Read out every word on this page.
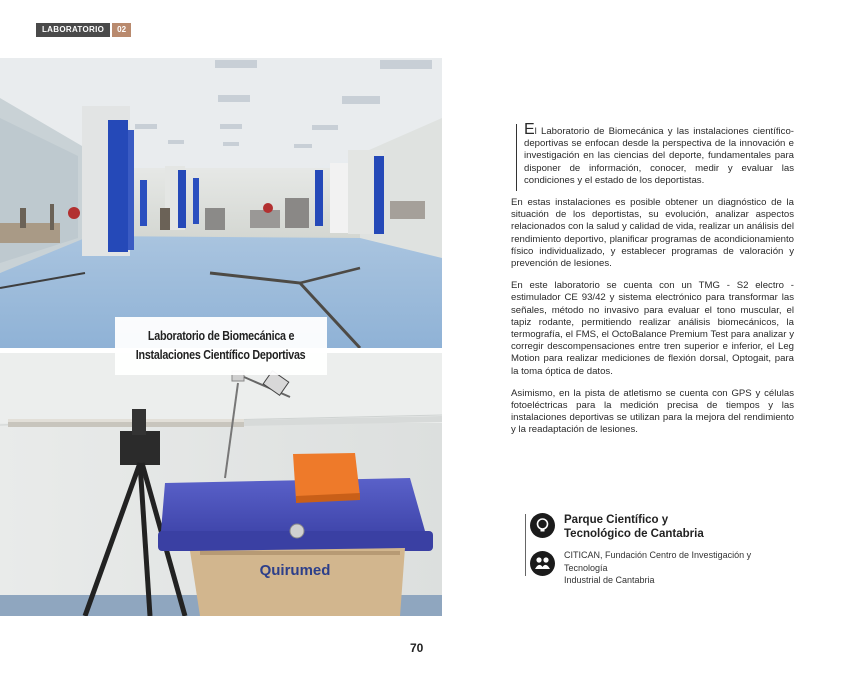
LABORATORIO	02
Quirumed
Laboratorio de Biomecánica e
Instalaciones Científico Deportivas

El Laboratorio de Biomecánica y las instalaciones científico-deportivas se enfocan desde la perspectiva de la innovación e investigación en las ciencias del deporte, fundamentales para disponer de información, conocer, medir y evaluar las condiciones y el estado de los deportistas.

En estas instalaciones es posible obtener un diagnóstico de la situación de los deportistas, su evolución, analizar aspectos relacionados con la salud y calidad de vida, realizar un análisis del rendimiento deportivo, planificar programas de acondicionamiento físico individualizado, y establecer programas de valoración y prevención de lesiones.

En este laboratorio se cuenta con un TMG - S2 electro - estimulador CE 93/42 y sistema electrónico para transformar las señales, método no invasivo para evaluar el tono muscular, el tapiz rodante, permitiendo realizar análisis biomecánicos, la termografía, el FMS, el OctoBalance Premium Test para analizar y corregir descompensaciones entre tren superior e inferior, el Leg Motion para realizar mediciones de flexión dorsal, Optogait, para la toma óptica de datos.

Asimismo, en la pista de atletismo se cuenta con GPS y células fotoeléctricas para la medición precisa de tiempos y las instalaciones deportivas se utilizan para la mejora del rendimiento y la readaptación de lesiones.

Parque Científico y
Tecnológico de Cantabria
CITICAN, Fundación Centro de Investigación y Tecnología
Industrial de Cantabria
70
